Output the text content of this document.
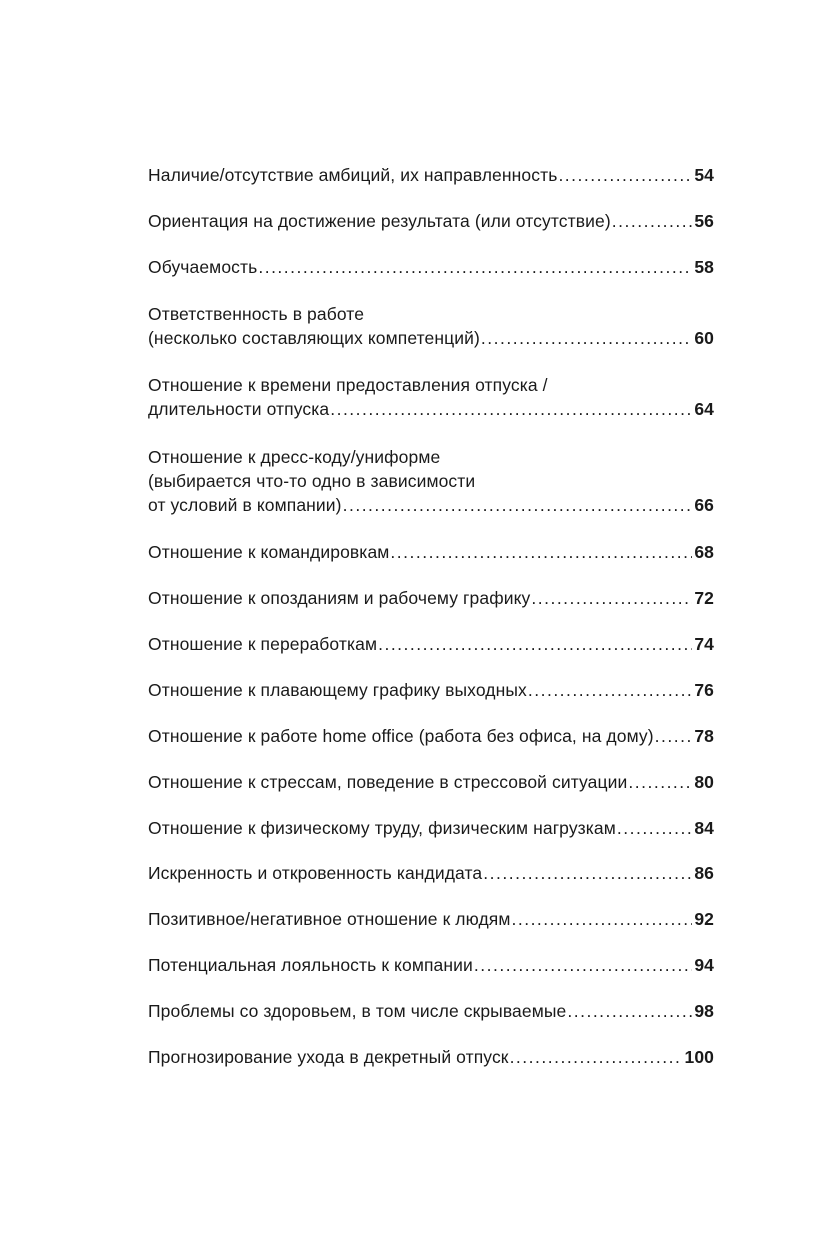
Наличие/отсутствие амбиций, их направленность .....	54
Ориентация на достижение результата (или отсутствие) .....	56
Обучаемость .....	58
Ответственность в работе
(несколько составляющих компетенций) .....	60
Отношение к времени предоставления отпуска /
длительности отпуска .....	64
Отношение к дресс-коду/униформе
(выбирается что-то одно в зависимости
от условий в компании) .....	66
Отношение к командировкам .....	68
Отношение к опозданиям и рабочему графику .....	72
Отношение к переработкам .....	74
Отношение к плавающему графику выходных .....	76
Отношение к работе home office (работа без офиса, на дому) ..... 78
Отношение к стрессам, поведение в стрессовой ситуации .....	80
Отношение к физическому труду, физическим нагрузкам .....	84
Искренность и откровенность кандидата .....	86
Позитивное/негативное отношение к людям .....	92
Потенциальная лояльность к компании .....	94
Проблемы со здоровьем, в том числе скрываемые .....	98
Прогнозирование ухода в декретный отпуск .....	100
